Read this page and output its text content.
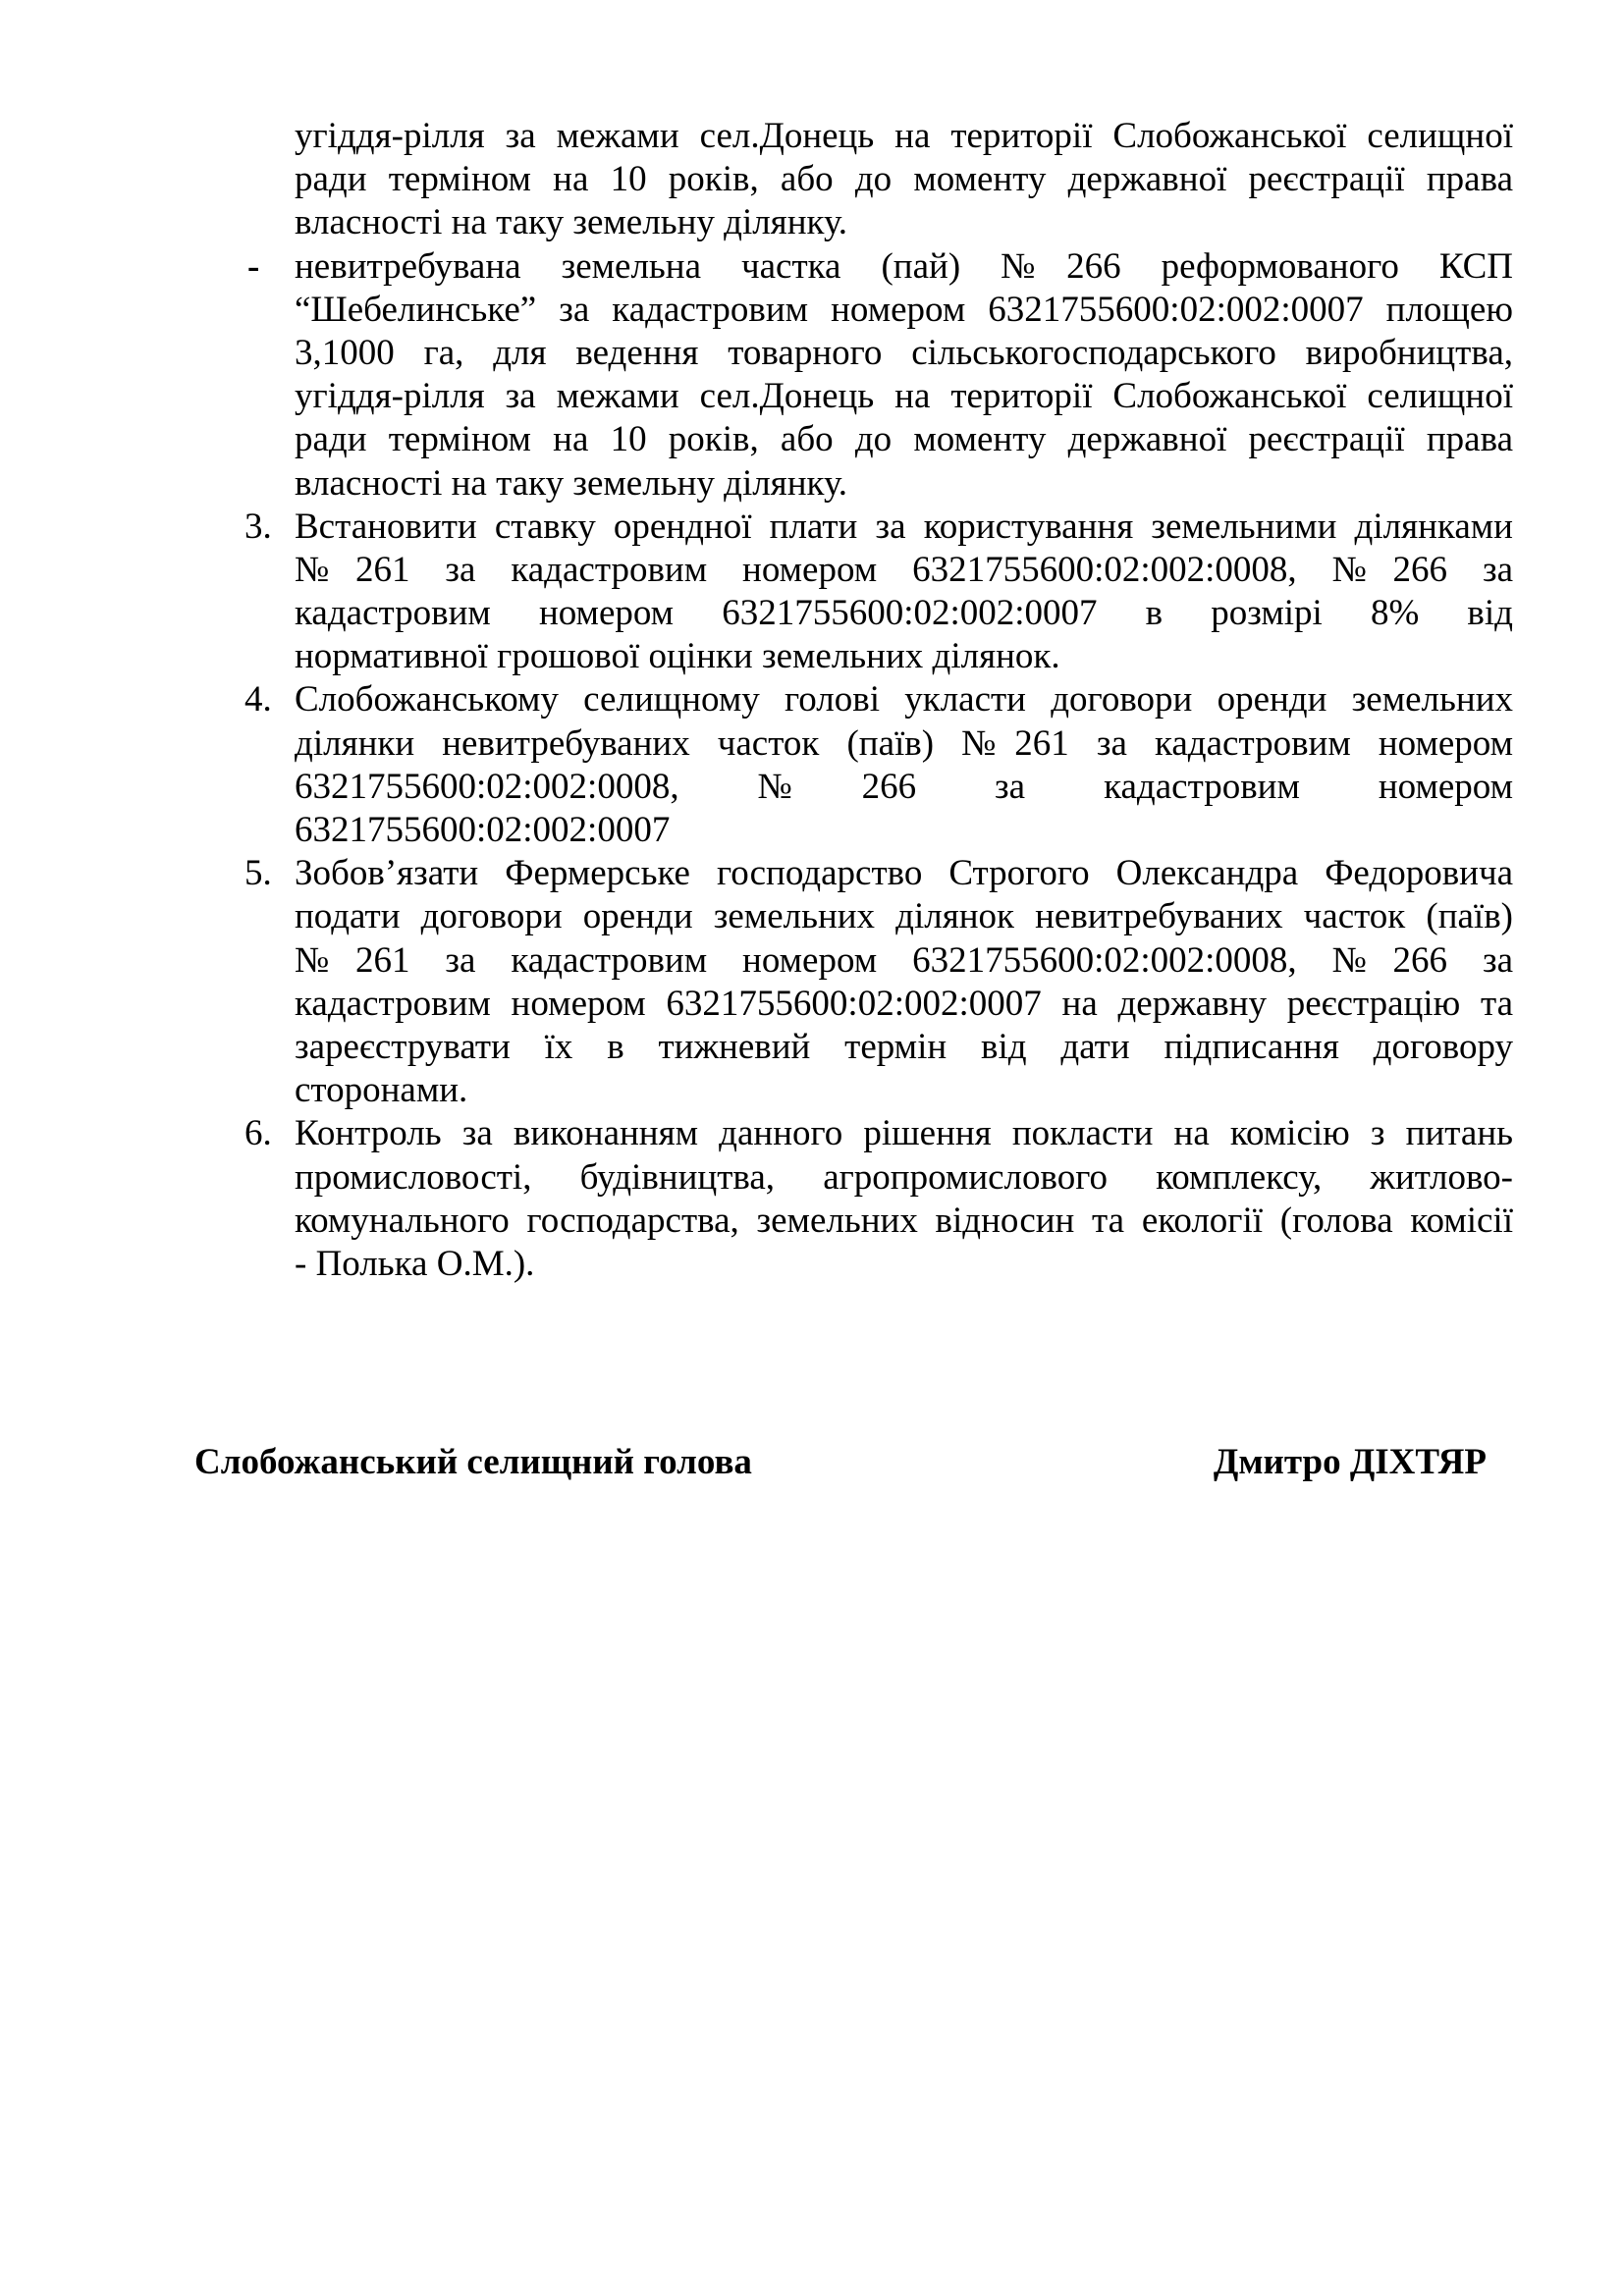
угіддя-рілля за межами сел.Донець на території Слобожанської селищної
ради терміном на 10 років, або до моменту державної реєстрації права
власності на таку земельну ділянку.
- невитребувана земельна частка (пай) №266 реформованого КСП
“Шебелинське” за кадастровим номером 6321755600:02:002:0007 площею
3,1000 га, для ведення товарного сільськогосподарського виробництва,
угіддя-рілля за межами сел.Донець на території Слобожанської селищної
ради терміном на 10 років, або до моменту державної реєстрації права
власності на таку земельну ділянку.
3. Встановити ставку орендної плати за користування земельними ділянками
№261 за кадастровим номером 6321755600:02:002:0008, №266 за
кадастровим номером 6321755600:02:002:0007 в розмірі 8% від
нормативної грошової оцінки земельних ділянок.
4. Слобожанському селищному голові укласти договори оренди земельних
ділянки невитребуваних часток (паїв) №261 за кадастровим номером
6321755600:02:002:0008, №266 за кадастровим номером
6321755600:02:002:0007
5. Зобов’язати Фермерське господарство Строгого Олександра Федоровича
подати договори оренди земельних ділянок невитребуваних часток (паїв)
№261 за кадастровим номером 6321755600:02:002:0008, №266 за
кадастровим номером 6321755600:02:002:0007 на державну реєстрацію та
зареєструвати їх в тижневий термін від дати підписання договору
сторонами.
6. Контроль за виконанням данного рішення покласти на комісію з питань
промисловості, будівництва, агропромислового комплексу, житлово-
комунального господарства, земельних відносин та екології (голова комісії
- Полька О.М.).
Слобожанський селищний голова	Дмитро ДІХТЯР
